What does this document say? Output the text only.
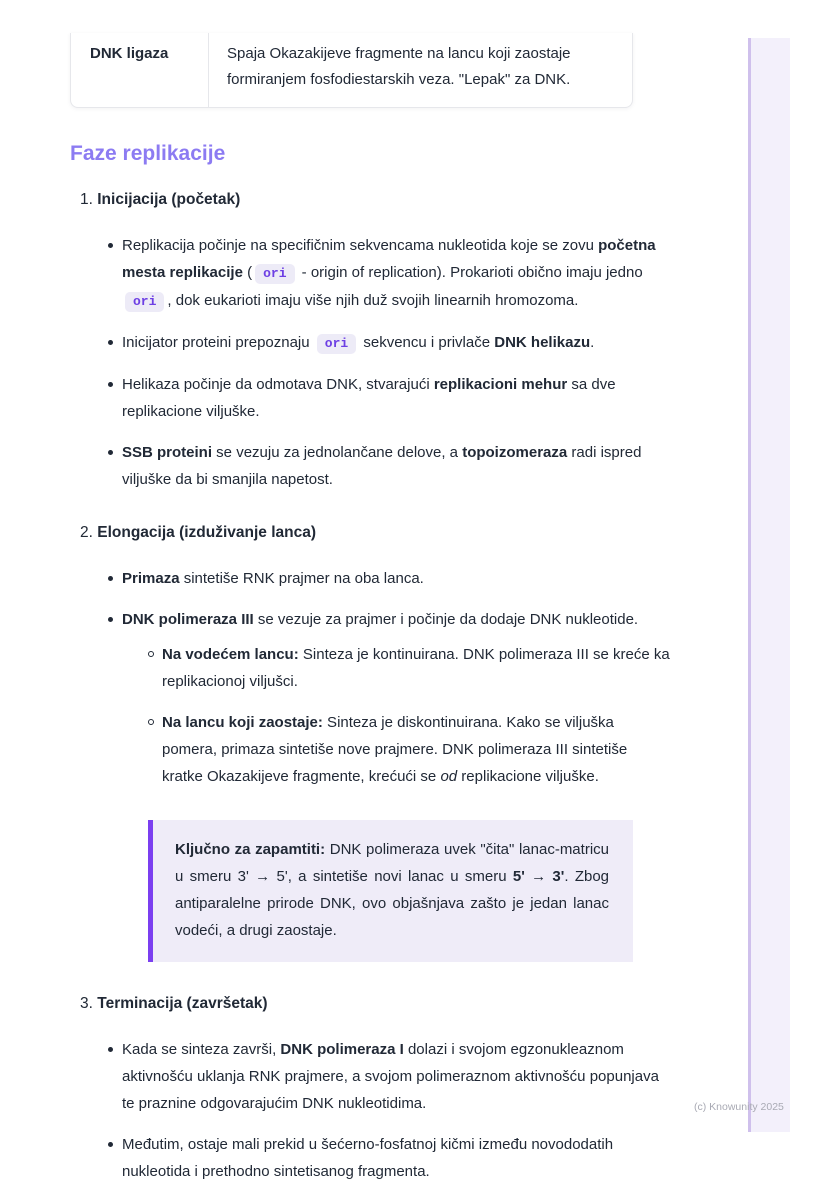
DNK ligaza	Spaja Okazakijeve fragmente na lancu koji zaostaje formiranjem fosfodiestarskih veza. "Lepak" za DNK.
Faze replikacije
1. Inicijacija (početak)
Replikacija počinje na specifičnim sekvencama nukleotida koje se zovu početna mesta replikacije ( ori - origin of replication). Prokarioti obično imaju jedno ori , dok eukarioti imaju više njih duž svojih linearnih hromozoma.
Inicijator proteini prepoznaju ori sekvencu i privlače DNK helikazu.
Helikaza počinje da odmotava DNK, stvarajući replikacioni mehur sa dve replikacione viljuške.
SSB proteini se vezuju za jednolančane delove, a topoizomeraza radi ispred viljuške da bi smanjila napetost.
2. Elongacija (izduživanje lanca)
Primaza sintetiše RNK prajmer na oba lanca.
DNK polimeraza III se vezuje za prajmer i počinje da dodaje DNK nukleotide.
Na vodećem lancu: Sinteza je kontinuirana. DNK polimeraza III se kreće ka replikacionoj viljušci.
Na lancu koji zaostaje: Sinteza je diskontinuirana. Kako se viljuška pomera, primaza sintetiše nove prajmere. DNK polimeraza III sintetiše kratke Okazakijeve fragmente, krećući se od replikacione viljuške.

Ključno za zapamtiti: DNK polimeraza uvek "čita" lanac-matricu u smeru 3' → 5', a sintetiše novi lanac u smeru 5' → 3'. Zbog antiparalelne prirode DNK, ovo objašnjava zašto je jedan lanac vodeći, a drugi zaostaje.

3. Terminacija (završetak)
Kada se sinteza završi, DNK polimeraza I dolazi i svojom egzonukleaznom aktivnošću uklanja RNK prajmere, a svojom polimeraznom aktivnošću popunjava te praznine odgovarajućim DNK nukleotidima.
Međutim, ostaje mali prekid u šećerno-fosfatnoj kičmi između novododatih nukleotida i prethodno sintetisanog fragmenta.
(c) Knowunity 2025
